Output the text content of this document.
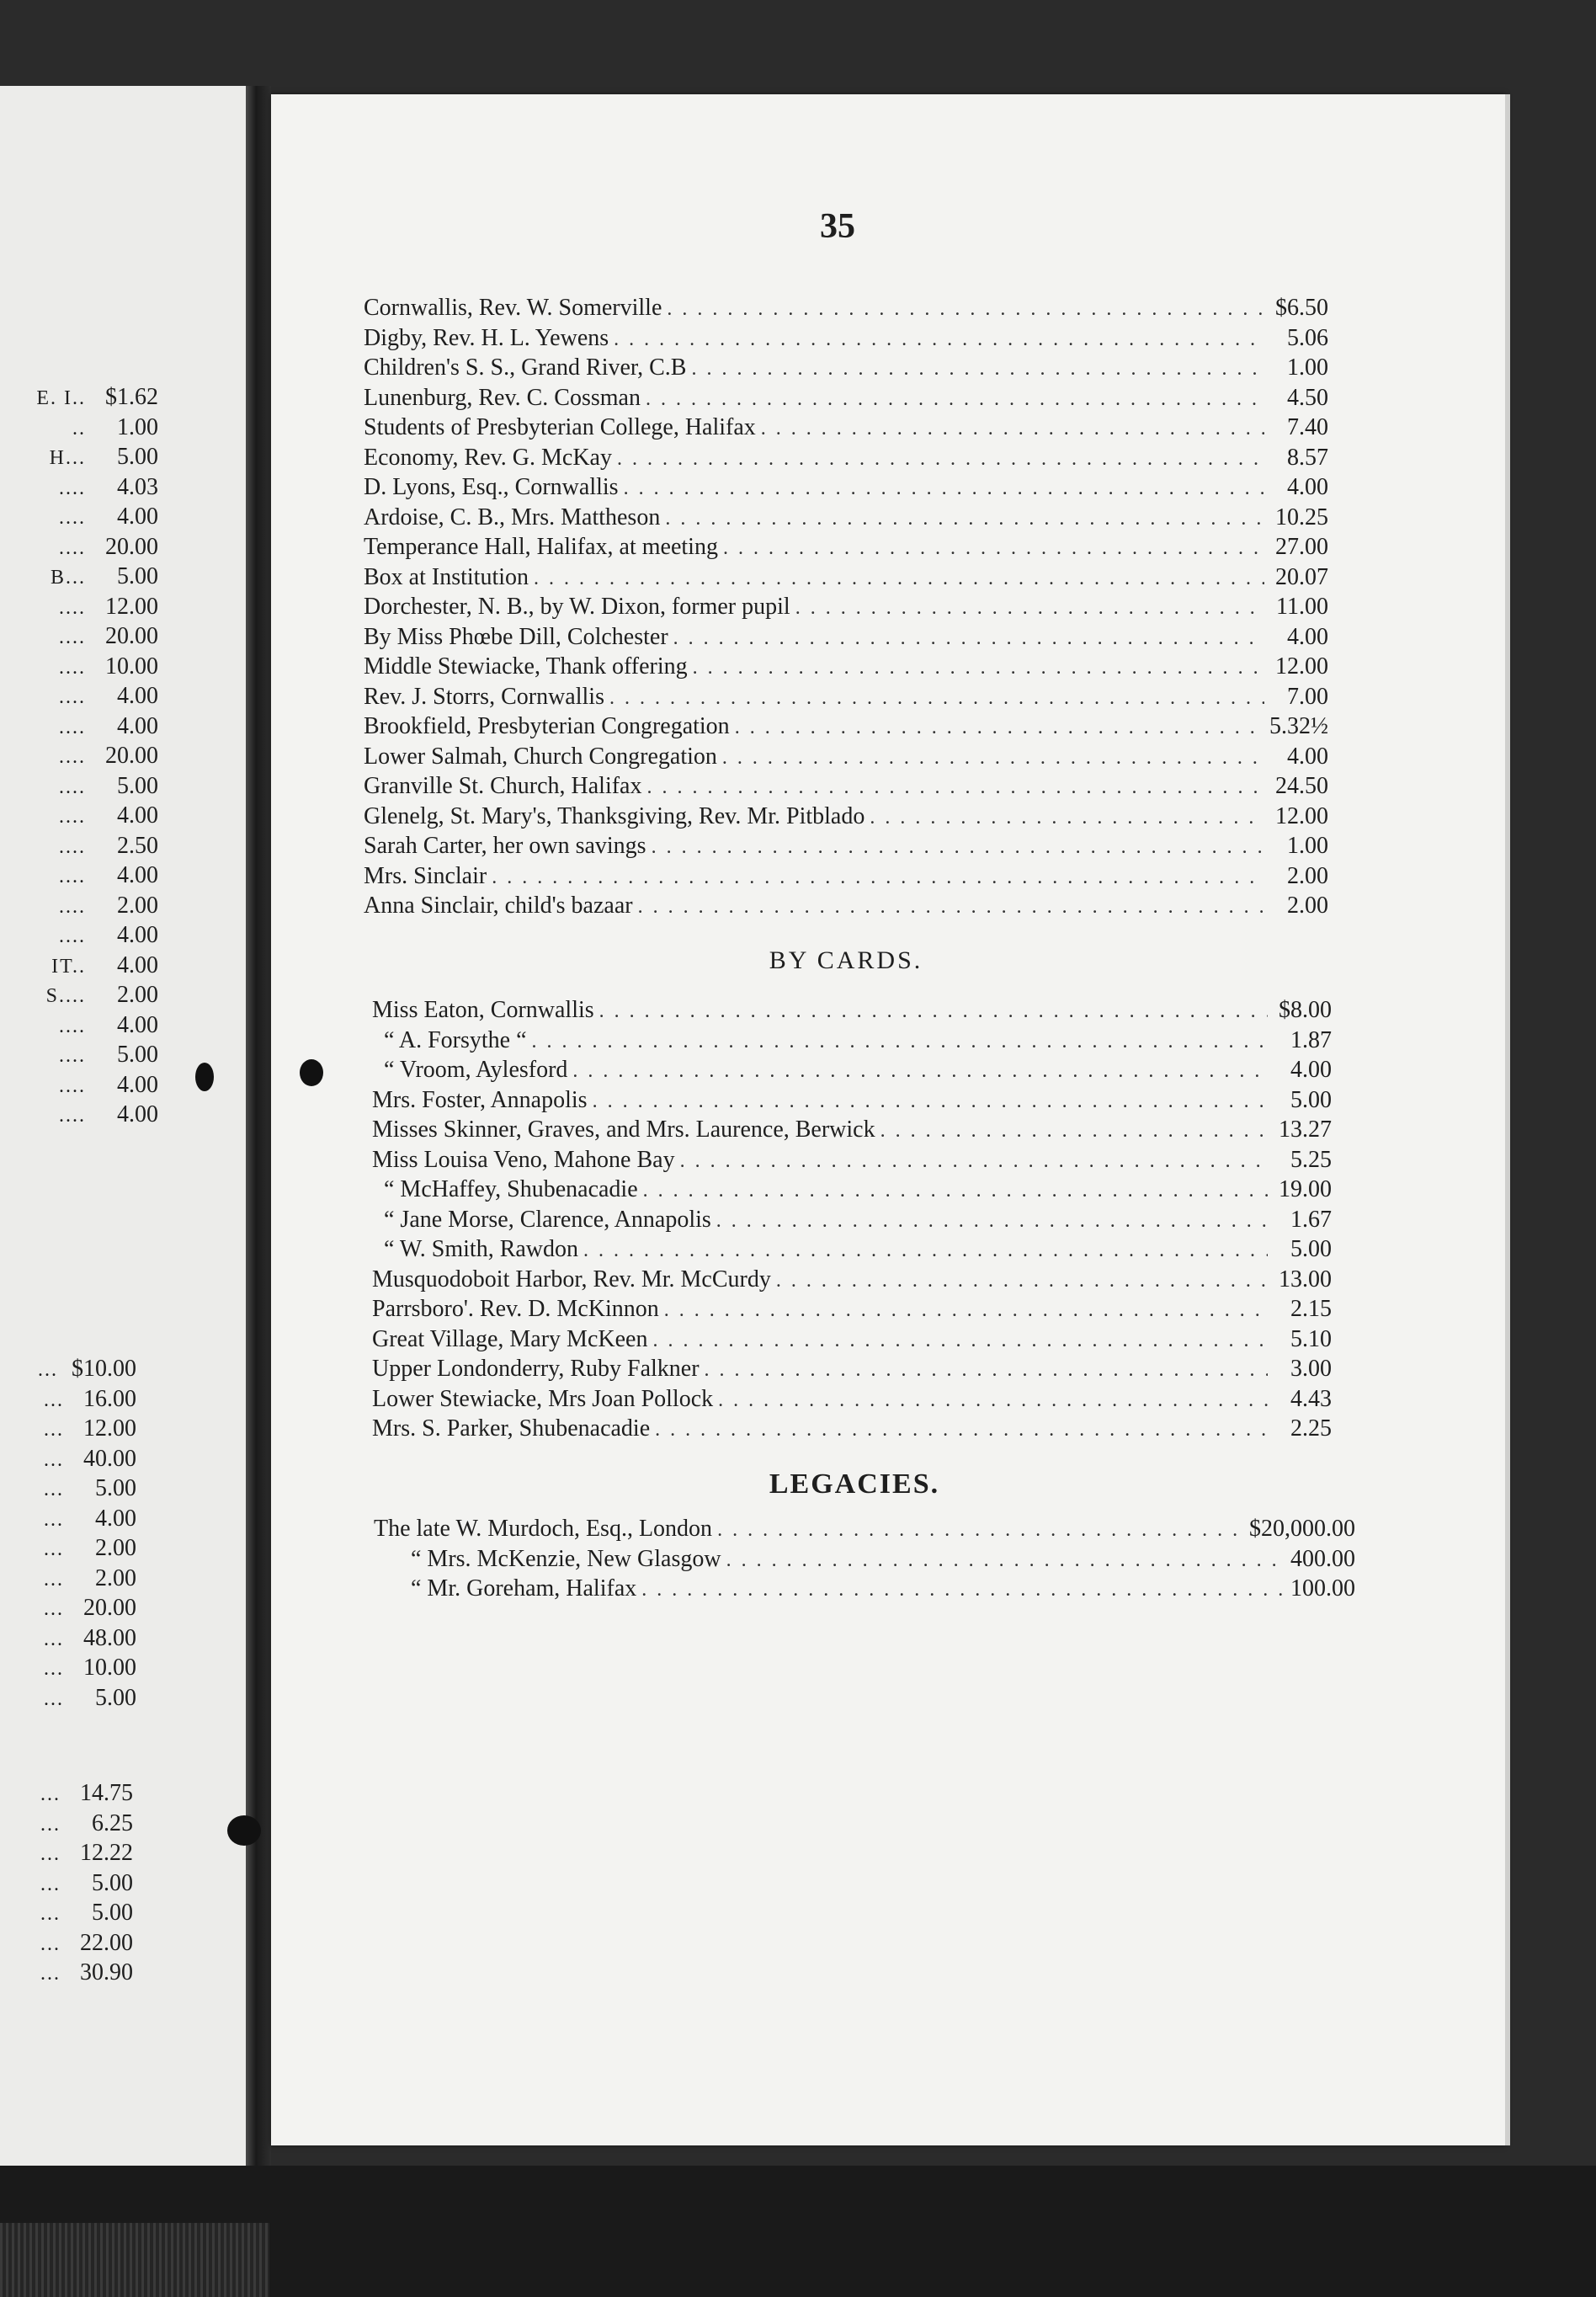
E. I.. $1.62
..	1.00
H...	5.00
....	4.03
....	4.00
.... 20.00
B...	5.00
.... 12.00
.... 20.00
.... 10.00
....	4.00
....	4.00
.... 20.00
....	5.00
....	4.00
....	2.50
....	4.00
....	2.00
....	4.00
IT..	4.00
S....	2.00
....	4.00
....	5.00
....	4.00
....	4.00
... $10.00
... 16.00
... 12.00
... 40.00
...	5.00
...	4.00
...	2.00
...	2.00
... 20.00
... 48.00
... 10.00
...	5.00
... 14.75
...	6.25
... 12.22
...	5.00
...	5.00
... 22.00
... 30.90
35
Cornwallis, Rev. W. Somerville . . .	$6.50
Digby, Rev. H. L. Yewens . . .	5.06
Children's S. S., Grand River, C.B . . .	1.00
Lunenburg, Rev. C. Cossman . . .	4.50
Students of Presbyterian College, Halifax . . .	7.40
Economy, Rev. G. McKay . . .	8.57
D. Lyons, Esq., Cornwallis . . .	4.00
Ardoise, C. B., Mrs. Mattheson . . .	10.25
Temperance Hall, Halifax, at meeting . . .	27.00
Box at Institution . . .	20.07
Dorchester, N. B., by W. Dixon, former pupil . . .	11.00
By Miss Phœbe Dill, Colchester . . .	4.00
Middle Stewiacke, Thank offering . . .	12.00
Rev. J. Storrs, Cornwallis . . .	7.00
Brookfield, Presbyterian Congregation . . .	5.32½
Lower Salmah, Church Congregation . . .	4.00
Granville St. Church, Halifax . . .	24.50
Glenelg, St. Mary's, Thanksgiving, Rev. Mr. Pitblado . . .	12.00
Sarah Carter, her own savings . . .	1.00
Mrs. Sinclair . . .	2.00
Anna Sinclair, child's bazaar . . .	2.00
BY CARDS.
Miss Eaton, Cornwallis . . .	$8.00
“ A. Forsythe “ . . .	1.87
“ Vroom, Aylesford . . .	4.00
Mrs. Foster, Annapolis . . .	5.00
Misses Skinner, Graves, and Mrs. Laurence, Berwick . . .	13.27
Miss Louisa Veno, Mahone Bay . . .	5.25
“ McHaffey, Shubenacadie . . .	19.00
“ Jane Morse, Clarence, Annapolis . . .	1.67
“ W. Smith, Rawdon . . .	5.00
Musquodoboit Harbor, Rev. Mr. McCurdy . . .	13.00
Parrsboro'. Rev. D. McKinnon . . .	2.15
Great Village, Mary McKeen . . .	5.10
Upper Londonderry, Ruby Falkner . . .	3.00
Lower Stewiacke, Mrs Joan Pollock . . .	4.43
Mrs. S. Parker, Shubenacadie . . .	2.25
LEGACIES.
The late W. Murdoch, Esq., London . . .	$20,000.00
“ Mrs. McKenzie, New Glasgow . . .	400.00
“ Mr. Goreham, Halifax . . .	100.00
